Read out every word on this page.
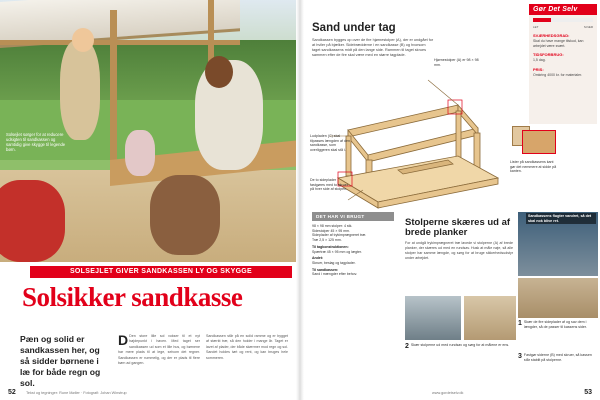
Solsejlet sørger for at reducere udsigten til sandkassen og samtidig give skygge til legende børn.
SOLSEJLET GIVER SANDKASSEN LY OG SKYGGE
Solsikker sandkasse
Pæn og solid er sandkassen her, og så sidder børnene i læ for både regn og sol.
D Den store lille sol vokser til et nyt højdepunkt i haven. Med taget ser sandkassen ud som et lille hus, og børnene har mere plads til at lege, selvom det regner. Sandkassen er rummelig, og der er plads til flere børn ad gangen.
Sandkassen står på en solid ramme og er bygget af stærkt træ, så den holder i mange år. Taget er lavet af plader, der både skærmer mod regn og sol. Sandet holdes tørt og rent, og kan bruges hele sommeren.
52	Tekst og tegninger: Rune Møller · Fotografi: Johan Winstrup
Sand under tag
Sandkassen bygges op over de fire hjørnestolper (A), der er undgået for at hviler på bjælker. Sidebrædderne i en sandkasse (B) og hvorsom taget sandkassens midt på den lange side. Rammen til taget skrues sammen efter de fire skal være med en større tagplade.
Hjørnestolper (A) er 98 × 98 mm.
Ludpladen (C) skal tilpasses længden af den sandkasse, som overliggeren skal stå i.
De to sideplader fastgøres med to skruer på hver side af stolpen.
Lister på sandkassens kant gør det nemmere at sidde på kanten.
Gør Det Selv
LET	SVÆR
SVÆRHEDSGRAD:
Skal du have mange tilskud, kan arbejdet være svært.
TIDSFORBRUG:
1,5 dag.
PRIS:
Omkring 4000 kr. for materialer.
DET HAR VI BRUGT
98 × 98 mm stolper: 4 stk.
Sidestolper 45 × 95 mm.
Sideplader af trykimprægneret træ.
Træ 2,5 × 125 mm.
Til tagkonstruktionen:
Spærtræ 45 × 95 mm og lægter.
Andet:
Skruer, beslag og tagplader.
Til sandkassen:
Sand i mængder efter behov.
Stolperne skæres ud af brede planker
For at undgå trykimprægneret træ lavede vi stolperne (A) af brede planker, der skæres ud med en rundsav. Husk at måle nøje, så alle stolper har samme længde, og sørg for at bruge sikkerhedsudstyr under arbejdet.
Sandkassens flugter vandret, så det skal nok blive ret.
1 Skær de fire sideplader af og sav dem i længder, så de passer til kassens sider.
2 Skær stolperne ud med rundsav og sørg for at målene er ens.
3 Fastgør siderne (B) med skruer, så kassen står stabilt på stolperne.
www.gordetselv.dk	53
